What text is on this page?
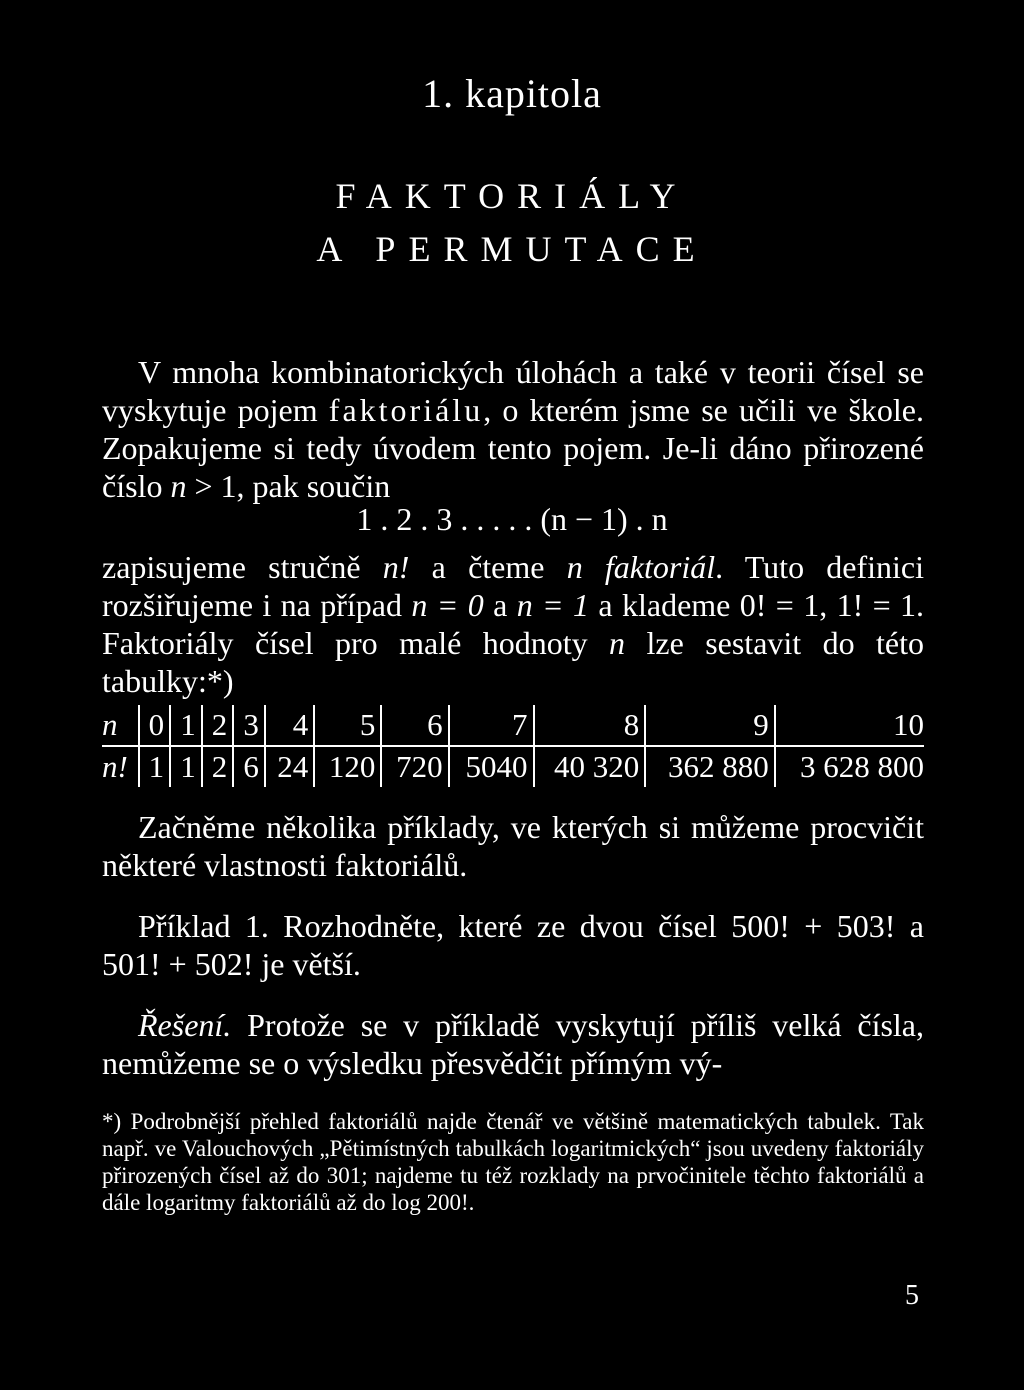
1. kapitola
FAKTORIÁLY
A PERMUTACE
V mnoha kombinatorických úlohách a také v teorii čísel se vyskytuje pojem faktoriálu, o kterém jsme se učili ve škole. Zopakujeme si tedy úvodem tento pojem. Je-li dáno přirozené číslo n > 1, pak součin
1 . 2 . 3 . . . . . (n − 1) . n
zapisujeme stručně n! a čteme n faktoriál. Tuto definici rozšiřujeme i na případ n = 0 a n = 1 a klademe 0! = 1, 1! = 1. Faktoriály čísel pro malé hodnoty n lze sestavit do této tabulky:*)
n	0	1	2	3	4	5	6	7	8	9	10
n!	1	1	2	6	24	120	720	5040	40 320	362 880	3 628 800
Začněme několika příklady, ve kterých si můžeme procvičit některé vlastnosti faktoriálů.
Příklad 1. Rozhodněte, které ze dvou čísel 500! + 503! a 501! + 502! je větší.
Řešení. Protože se v příkladě vyskytují příliš velká čísla, nemůžeme se o výsledku přesvědčit přímým vý-
*) Podrobnější přehled faktoriálů najde čtenář ve většině matematických tabulek. Tak např. ve Valouchových „Pětimístných tabulkách logaritmických“ jsou uvedeny faktoriály přirozených čísel až do 301; najdeme tu též rozklady na prvočinitele těchto faktoriálů a dále logaritmy faktoriálů až do log 200!.
5
